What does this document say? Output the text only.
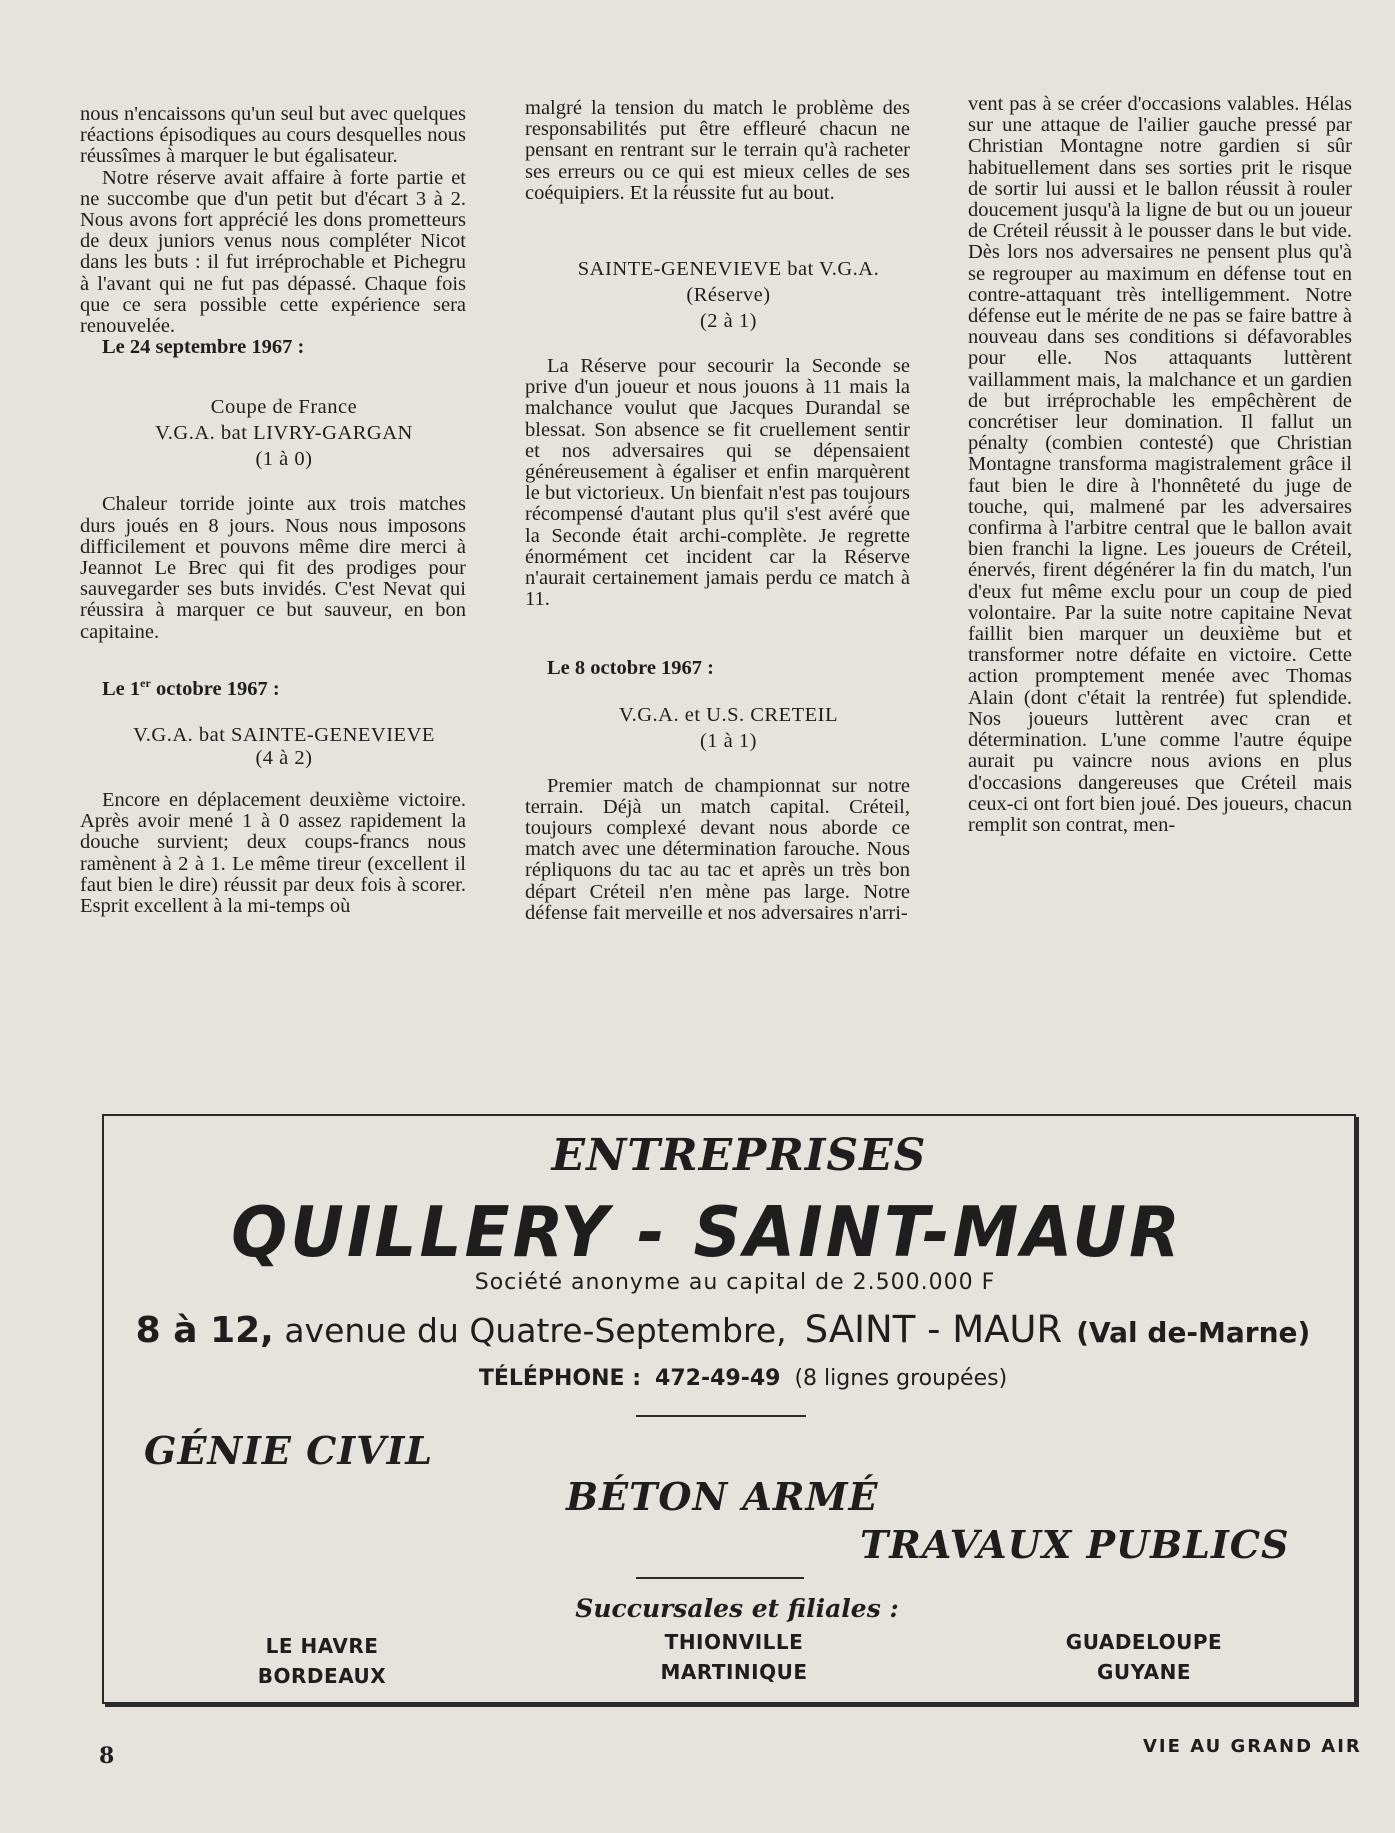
nous n'encaissons qu'un seul but avec quelques réactions épisodiques au cours desquelles nous réussîmes à marquer le but égalisateur.

Notre réserve avait affaire à forte partie et ne succombe que d'un petit but d'écart 3 à 2. Nous avons fort apprécié les dons prometteurs de deux juniors venus nous compléter Nicot dans les buts : il fut irréprochable et Pichegru à l'avant qui ne fut pas dépassé. Chaque fois que ce sera possible cette expérience sera renouvelée.

Le 24 septembre 1967 :

Coupe de France

V.G.A. bat LIVRY-GARGAN

(1 à 0)

Chaleur torride jointe aux trois matches durs joués en 8 jours. Nous nous imposons difficilement et pouvons même dire merci à Jeannot Le Brec qui fit des prodiges pour sauvegarder ses buts invidés. C'est Nevat qui réussira à marquer ce but sauveur, en bon capitaine.

Le 1er octobre 1967 :

V.G.A. bat SAINTE-GENEVIEVE

(4 à 2)

Encore en déplacement deuxième victoire. Après avoir mené 1 à 0 assez rapidement la douche survient; deux coups-francs nous ramènent à 2 à 1. Le même tireur (excellent il faut bien le dire) réussit par deux fois à scorer. Esprit excellent à la mi-temps où

malgré la tension du match le problème des responsabilités put être effleuré chacun ne pensant en rentrant sur le terrain qu'à racheter ses erreurs ou ce qui est mieux celles de ses coéquipiers. Et la réussite fut au bout.

SAINTE-GENEVIEVE bat V.G.A.

(Réserve)

(2 à 1)

La Réserve pour secourir la Seconde se prive d'un joueur et nous jouons à 11 mais la malchance voulut que Jacques Durandal se blessat. Son absence se fit cruellement sentir et nos adversaires qui se dépensaient généreusement à égaliser et enfin marquèrent le but victorieux. Un bienfait n'est pas toujours récompensé d'autant plus qu'il s'est avéré que la Seconde était archi-complète. Je regrette énormément cet incident car la Réserve n'aurait certainement jamais perdu ce match à 11.

Le 8 octobre 1967 :

V.G.A. et U.S. CRETEIL

(1 à 1)

Premier match de championnat sur notre terrain. Déjà un match capital. Créteil, toujours complexé devant nous aborde ce match avec une détermination farouche. Nous répliquons du tac au tac et après un très bon départ Créteil n'en mène pas large. Notre défense fait merveille et nos adversaires n'arri-

vent pas à se créer d'occasions valables. Hélas sur une attaque de l'ailier gauche pressé par Christian Montagne notre gardien si sûr habituellement dans ses sorties prit le risque de sortir lui aussi et le ballon réussit à rouler doucement jusqu'à la ligne de but ou un joueur de Créteil réussit à le pousser dans le but vide. Dès lors nos adversaires ne pensent plus qu'à se regrouper au maximum en défense tout en contre-attaquant très intelligemment. Notre défense eut le mérite de ne pas se faire battre à nouveau dans ses conditions si défavorables pour elle. Nos attaquants luttèrent vaillamment mais, la malchance et un gardien de but irréprochable les empêchèrent de concrétiser leur domination. Il fallut un pénalty (combien contesté) que Christian Montagne transforma magistralement grâce il faut bien le dire à l'honnêteté du juge de touche, qui, malmené par les adversaires confirma à l'arbitre central que le ballon avait bien franchi la ligne. Les joueurs de Créteil, énervés, firent dégénérer la fin du match, l'un d'eux fut même exclu pour un coup de pied volontaire. Par la suite notre capitaine Nevat faillit bien marquer un deuxième but et transformer notre défaite en victoire. Cette action promptement menée avec Thomas Alain (dont c'était la rentrée) fut splendide. Nos joueurs luttèrent avec cran et détermination. L'une comme l'autre équipe aurait pu vaincre nous avions en plus d'occasions dangereuses que Créteil mais ceux-ci ont fort bien joué. Des joueurs, chacun remplit son contrat, men-

ENTREPRISES

QUILLERY - SAINT-MAUR

Société anonyme au capital de 2.500.000 F

8 à 12, avenue du Quatre-Septembre, SAINT - MAUR (Val de-Marne)

TÉLÉPHONE : 472-49-49 (8 lignes groupées)

GÉNIE CIVIL

BÉTON ARMÉ

TRAVAUX PUBLICS

Succursales et filiales :

LE HAVRE
BORDEAUX

THIONVILLE
MARTINIQUE

GUADELOUPE
GUYANE

8	VIE AU GRAND AIR
